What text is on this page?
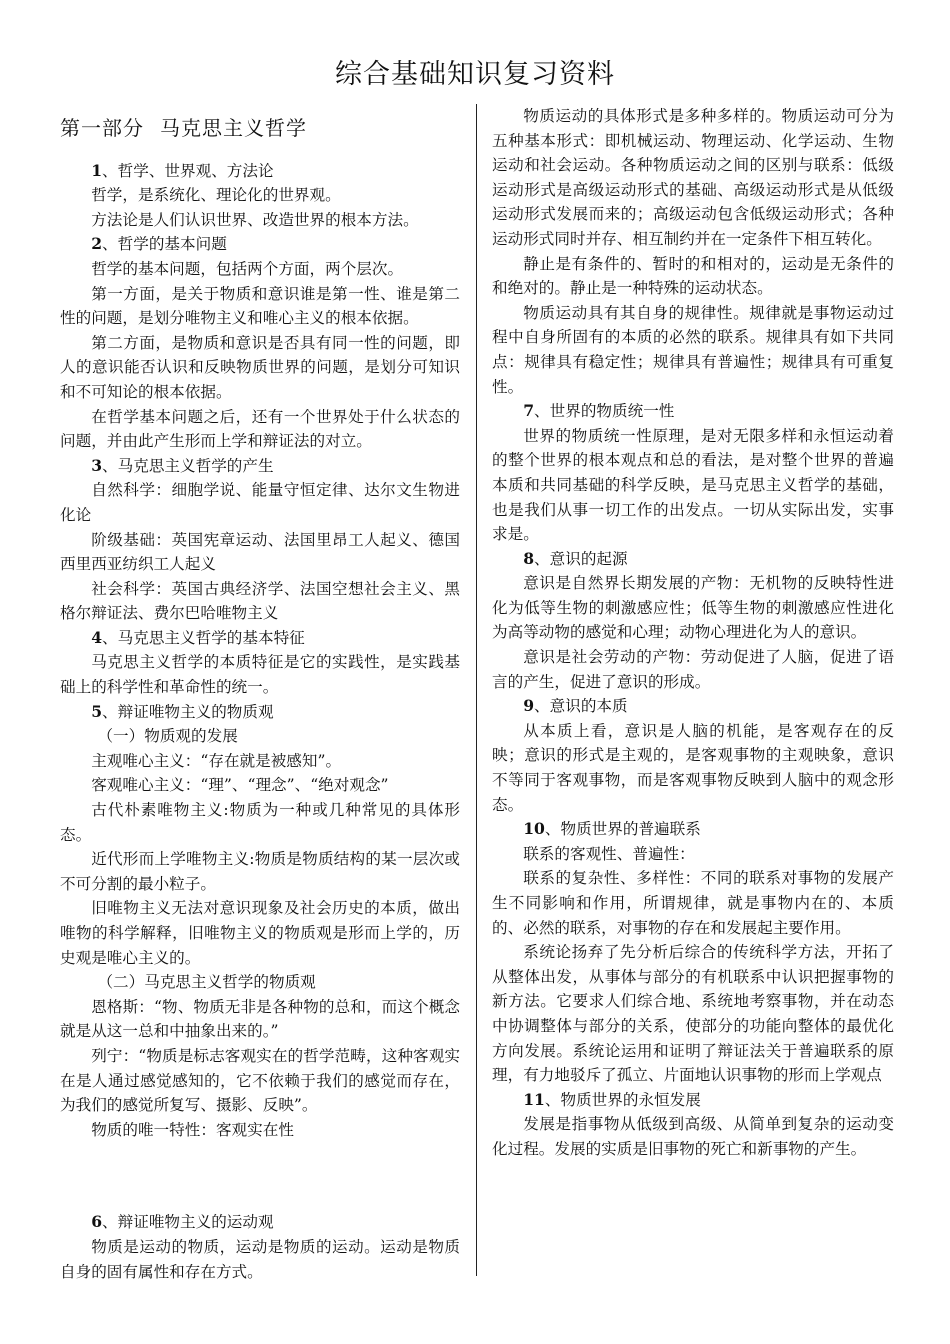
综合基础知识复习资料
第一部分 马克思主义哲学

1、哲学、世界观、方法论

哲学，是系统化、理论化的世界观。

方法论是人们认识世界、改造世界的根本方法。

2、哲学的基本问题

哲学的基本问题，包括两个方面，两个层次。

第一方面，是关于物质和意识谁是第一性、谁是第二性的问题，是划分唯物主义和唯心主义的根本依据。

第二方面，是物质和意识是否具有同一性的问题，即人的意识能否认识和反映物质世界的问题，是划分可知识和不可知论的根本依据。

在哲学基本问题之后，还有一个世界处于什么状态的问题，并由此产生形而上学和辩证法的对立。

3、马克思主义哲学的产生

自然科学：细胞学说、能量守恒定律、达尔文生物进化论

阶级基础：英国宪章运动、法国里昂工人起义、德国西里西亚纺织工人起义

社会科学：英国古典经济学、法国空想社会主义、黑格尔辩证法、费尔巴哈唯物主义

4、马克思主义哲学的基本特征

马克思主义哲学的本质特征是它的实践性，是实践基础上的科学性和革命性的统一。

5、辩证唯物主义的物质观

（一）物质观的发展

主观唯心主义：“存在就是被感知”。

客观唯心主义：“理”、“理念”、“绝对观念”

古代朴素唯物主义:物质为一种或几种常见的具体形态。

近代形而上学唯物主义:物质是物质结构的某一层次或不可分割的最小粒子。

旧唯物主义无法对意识现象及社会历史的本质，做出唯物的科学解释，旧唯物主义的物质观是形而上学的，历史观是唯心主义的。

（二）马克思主义哲学的物质观

恩格斯：“物、物质无非是各种物的总和，而这个概念就是从这一总和中抽象出来的。”

列宁：“物质是标志客观实在的哲学范畴，这种客观实在是人通过感觉感知的，它不依赖于我们的感觉而存在，为我们的感觉所复写、摄影、反映”。

物质的唯一特性：客观实在性

6、辩证唯物主义的运动观

物质是运动的物质，运动是物质的运动。运动是物质自身的固有属性和存在方式。

物质运动的具体形式是多种多样的。物质运动可分为五种基本形式：即机械运动、物理运动、化学运动、生物运动和社会运动。各种物质运动之间的区别与联系：低级运动形式是高级运动形式的基础、高级运动形式是从低级运动形式发展而来的；高级运动包含低级运动形式；各种运动形式同时并存、相互制约并在一定条件下相互转化。

静止是有条件的、暂时的和相对的，运动是无条件的和绝对的。静止是一种特殊的运动状态。

物质运动具有其自身的规律性。规律就是事物运动过程中自身所固有的本质的必然的联系。规律具有如下共同点：规律具有稳定性；规律具有普遍性；规律具有可重复性。

7、世界的物质统一性

世界的物质统一性原理，是对无限多样和永恒运动着的整个世界的根本观点和总的看法，是对整个世界的普遍本质和共同基础的科学反映，是马克思主义哲学的基础，也是我们从事一切工作的出发点。一切从实际出发，实事求是。

8、意识的起源

意识是自然界长期发展的产物：无机物的反映特性进化为低等生物的刺激感应性；低等生物的刺激感应性进化为高等动物的感觉和心理；动物心理进化为人的意识。

意识是社会劳动的产物：劳动促进了人脑，促进了语言的产生，促进了意识的形成。

9、意识的本质

从本质上看，意识是人脑的机能，是客观存在的反映；意识的形式是主观的，是客观事物的主观映象，意识不等同于客观事物，而是客观事物反映到人脑中的观念形态。

10、物质世界的普遍联系

联系的客观性、普遍性：

联系的复杂性、多样性：不同的联系对事物的发展产生不同影响和作用，所谓规律，就是事物内在的、本质的、必然的联系，对事物的存在和发展起主要作用。

系统论扬弃了先分析后综合的传统科学方法，开拓了从整体出发，从事体与部分的有机联系中认识把握事物的新方法。它要求人们综合地、系统地考察事物，并在动态中协调整体与部分的关系，使部分的功能向整体的最优化方向发展。系统论运用和证明了辩证法关于普遍联系的原理，有力地驳斥了孤立、片面地认识事物的形而上学观点

11、物质世界的永恒发展

发展是指事物从低级到高级、从简单到复杂的运动变化过程。发展的实质是旧事物的死亡和新事物的产生。
